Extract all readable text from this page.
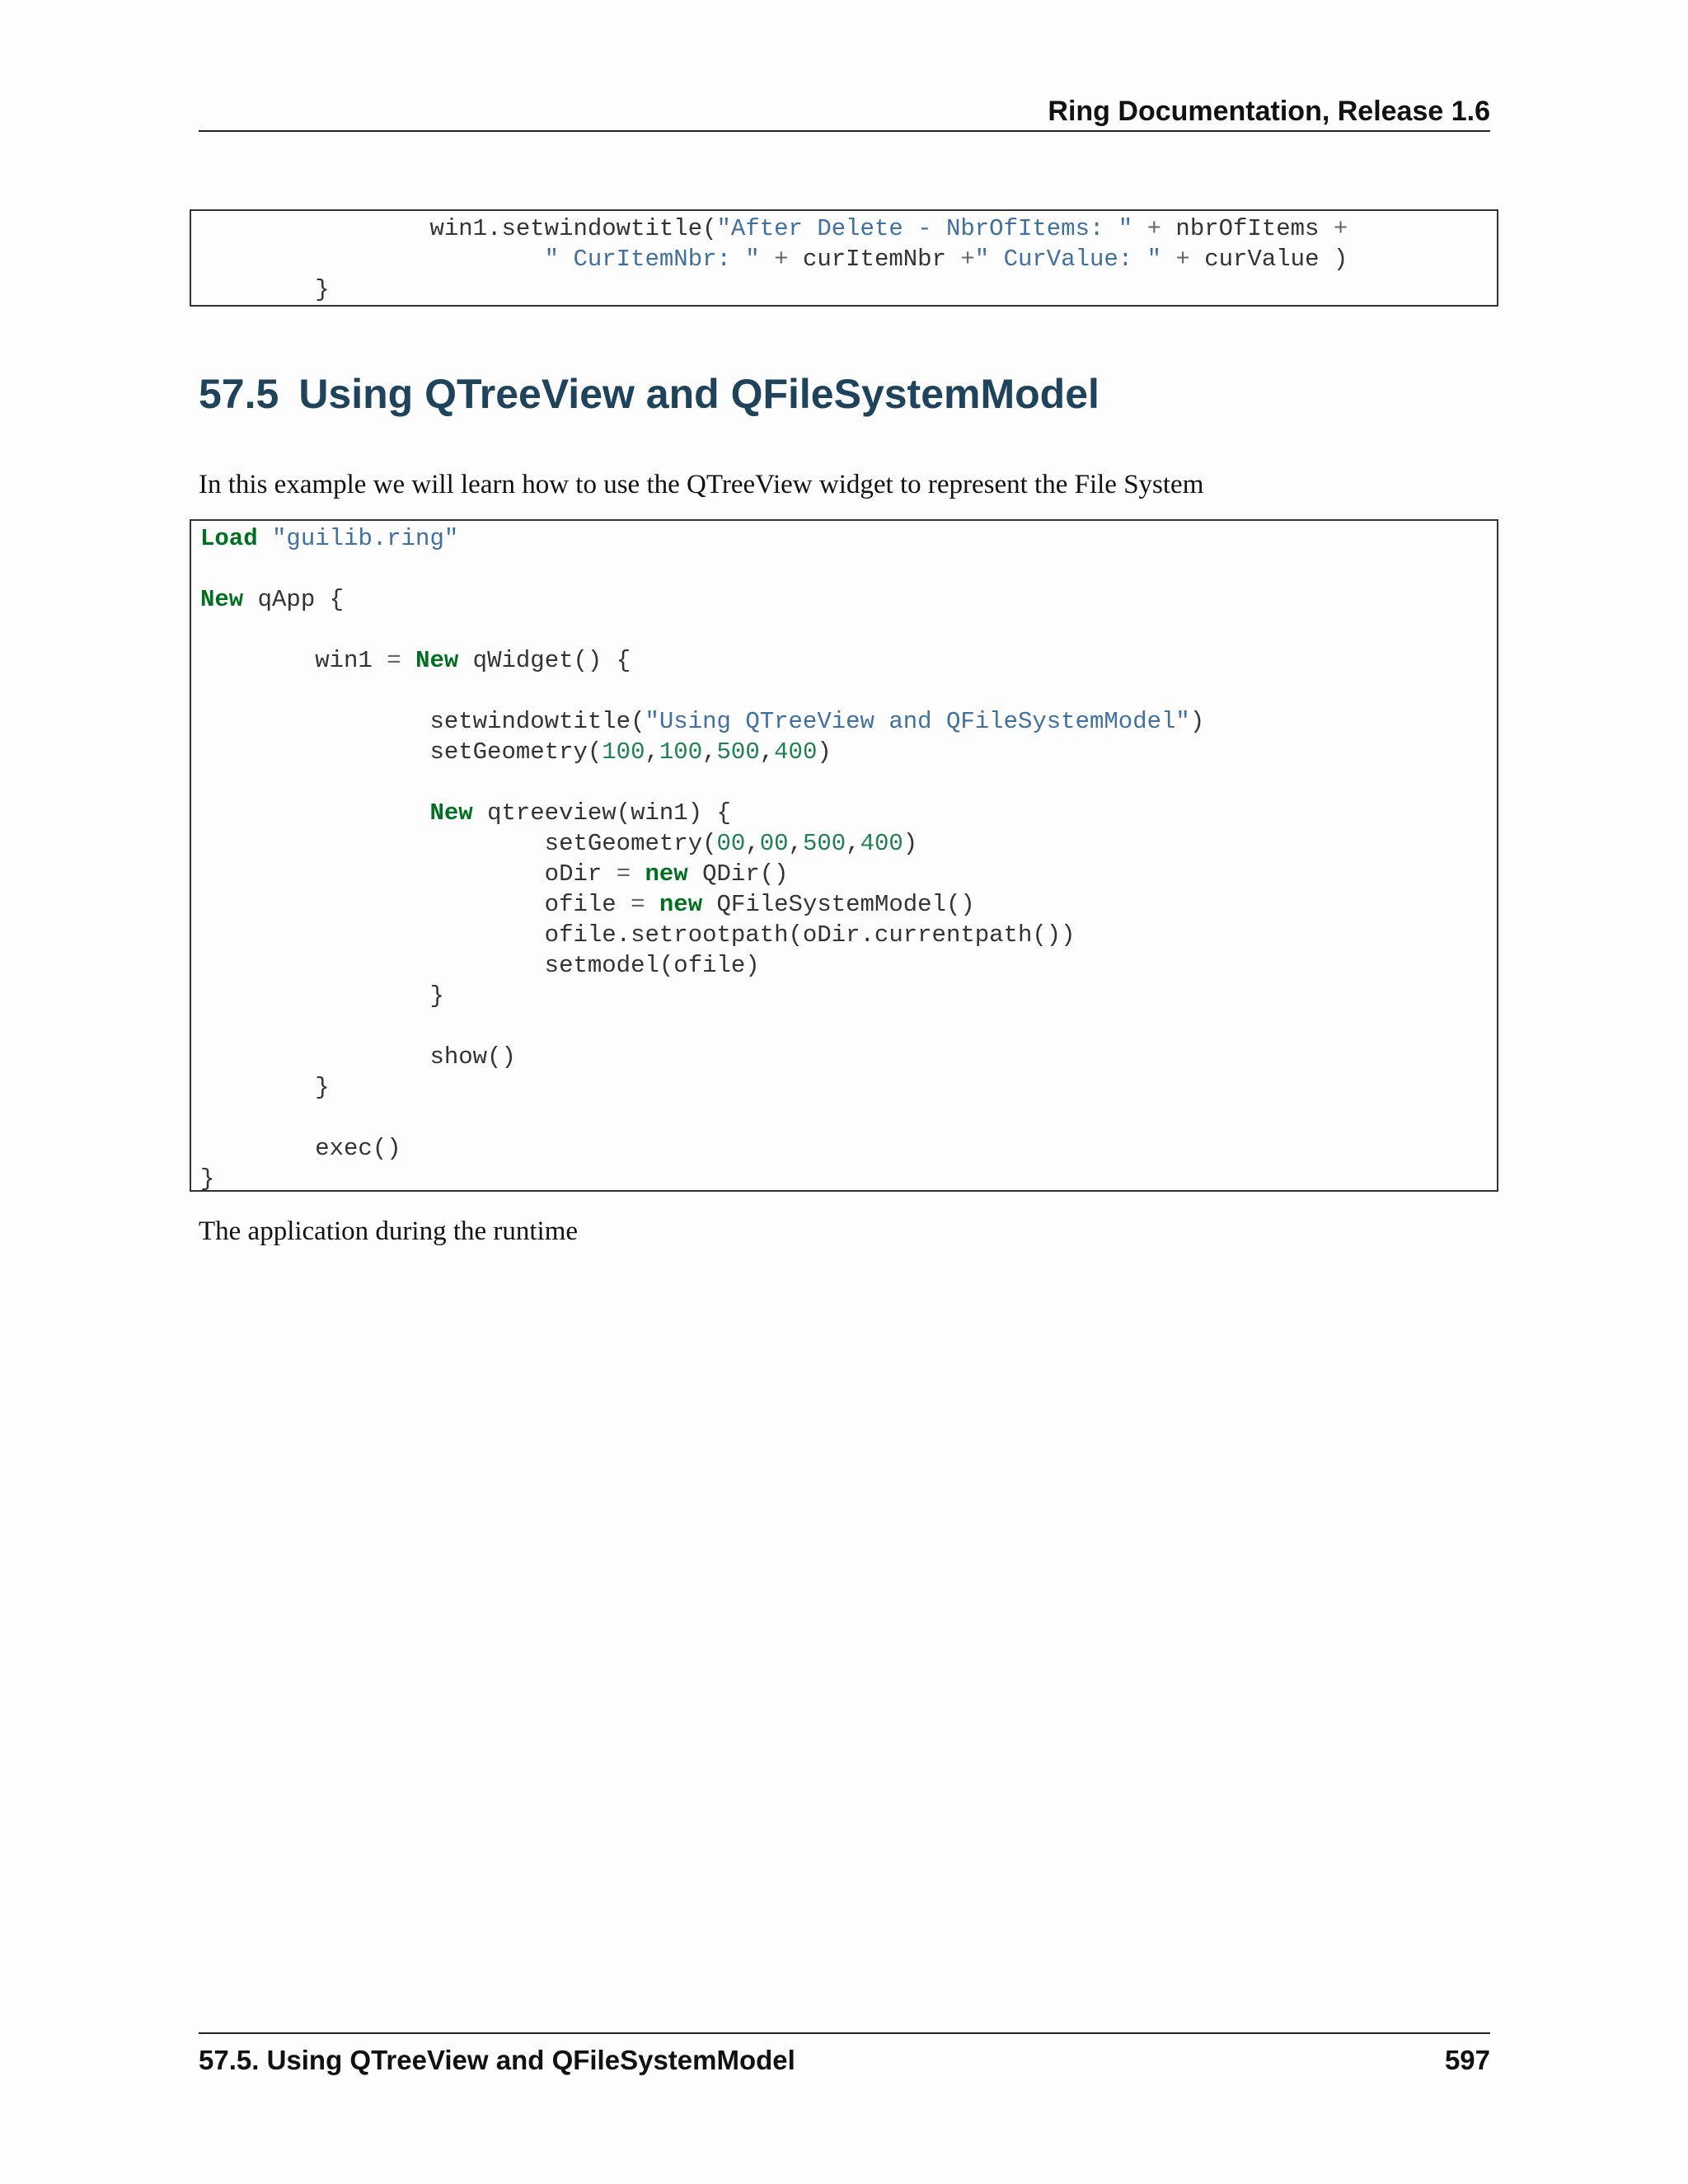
Ring Documentation, Release 1.6
win1.setwindowtitle("After Delete - NbrOfItems: " + nbrOfItems +
" CurItemNbr: " + curItemNbr +" CurValue: " + curValue )
}
57.5 Using QTreeView and QFileSystemModel

In this example we will learn how to use the QTreeView widget to represent the File System

Load "guilib.ring"

New qApp {

win1 = New qWidget() {

setwindowtitle("Using QTreeView and QFileSystemModel")
setGeometry(100,100,500,400)

New qtreeview(win1) {
setGeometry(00,00,500,400)
oDir = new QDir()
ofile = new QFileSystemModel()
ofile.setrootpath(oDir.currentpath())
setmodel(ofile)
}

show()
}

exec()
}

The application during the runtime

57.5. Using QTreeView and QFileSystemModel	597
